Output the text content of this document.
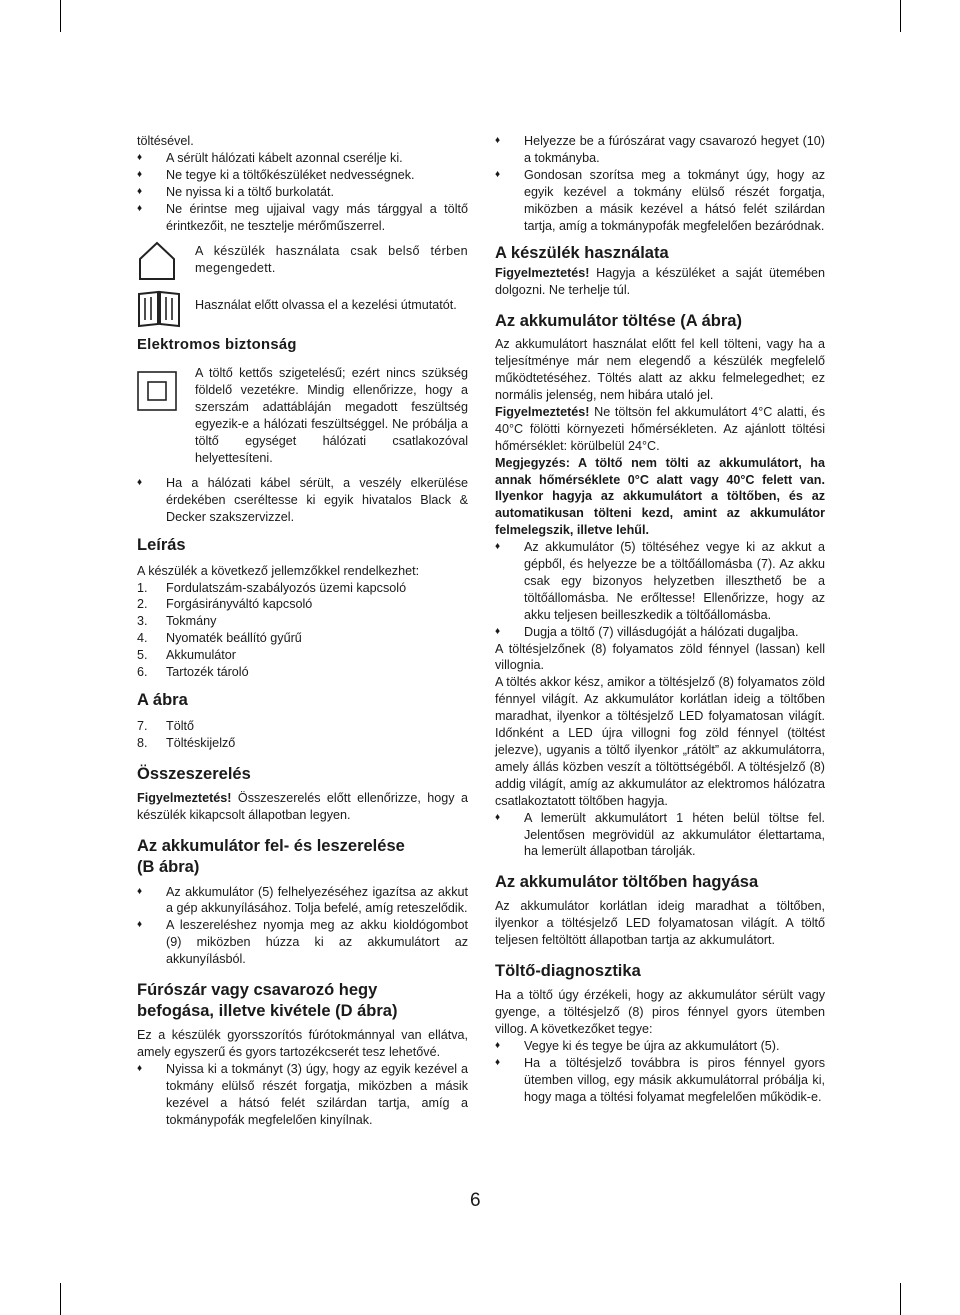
töltésével.

♦ A sérült hálózati kábelt azonnal cserélje ki.
♦ Ne tegye ki a töltőkészüléket nedvességnek.
♦ Ne nyissa ki a töltő burkolatát.
♦ Ne érintse meg ujjaival vagy más tárggyal a töltő érintkezőit, ne tesztelje mérőműszerrel.

A készülék használata csak belső térben megengedett.

Használat előtt olvassa el a kezelési útmutatót.

Elektromos biztonság

A töltő kettős szigetelésű; ezért nincs szükség földelő vezetékre. Mindig ellenőrizze, hogy a szerszám adattábláján megadott feszültség egyezik-e a hálózati feszültséggel. Ne próbálja a töltő egységet hálózati csatlakozóval helyettesíteni.

♦ Ha a hálózati kábel sérült, a veszély elkerülése érdekében cseréltesse ki egyik hivatalos Black & Decker szakszervizzel.
Leírás

A készülék a következő jellemzőkkel rendelkezhet:

1. Fordulatszám-szabályozós üzemi kapcsoló
2. Forgásirányváltó kapcsoló
3. Tokmány
4. Nyomaték beállító gyűrű
5. Akkumulátor
6. Tartozék tároló
A ábra
7. Töltő
8. Töltéskijelző
Összeszerelés

Figyelmeztetés! Összeszerelés előtt ellenőrizze, hogy a készülék kikapcsolt állapotban legyen.

Az akkumulátor fel- és leszerelése
(B ábra)
♦ Az akkumulátor (5) felhelyezéséhez igazítsa az akkut a gép akkunyílásához. Tolja befelé, amíg reteszelődik.
♦ A leszereléshez nyomja meg az akku kioldógombot (9) miközben húzza ki az akkumulátort az akkunyílásból.
Fúrószár vagy csavarozó hegy
befogása, illetve kivétele (D ábra)

Ez a készülék gyorsszorítós fúrótokmánnyal van ellátva, amely egyszerű és gyors tartozékcserét tesz lehetővé.

♦ Nyissa ki a tokmányt (3) úgy, hogy az egyik kezével a tokmány elülső részét forgatja, miközben a másik kezével a hátsó felét szilárdan tartja, amíg a tokmánypofák megfelelően kinyílnak.
♦ Helyezze be a fúrószárat vagy csavarozó hegyet (10) a tokmányba.
♦ Gondosan szorítsa meg a tokmányt úgy, hogy az egyik kezével a tokmány elülső részét forgatja, miközben a másik kezével a hátsó felét szilárdan tartja, amíg a tokmánypofák megfelelően bezáródnak.
A készülék használata

Figyelmeztetés! Hagyja a készüléket a saját ütemében dolgozni. Ne terhelje túl.

Az akkumulátor töltése (A ábra)

Az akkumulátort használat előtt fel kell tölteni, vagy ha a teljesítménye már nem elegendő a készülék megfelelő működtetéséhez. Töltés alatt az akku felmelegedhet; ez normális jelenség, nem hibára utaló jel.

Figyelmeztetés! Ne töltsön fel akkumulátort 4°C alatti, és 40°C fölötti környezeti hőmérsékleten. Az ajánlott töltési hőmérséklet: körülbelül 24°C.

Megjegyzés: A töltő nem tölti az akkumulátort, ha annak hőmérséklete 0°C alatt vagy 40°C felett van. Ilyenkor hagyja az akkumulátort a töltőben, és az automatikusan tölteni kezd, amint az akkumulátor felmelegszik, illetve lehűl.

♦ Az akkumulátor (5) töltéséhez vegye ki az akkut a gépből, és helyezze be a töltőállomásba (7). Az akku csak egy bizonyos helyzetben illeszthető be a töltőállomásba. Ne erőltesse! Ellenőrizze, hogy az akku teljesen beilleszkedik a töltőállomásba.
♦ Dugja a töltő (7) villásdugóját a hálózati dugaljba.

A töltésjelzőnek (8) folyamatos zöld fénnyel (lassan) kell villognia.

A töltés akkor kész, amikor a töltésjelző (8) folyamatos zöld fénnyel világít. Az akkumulátor korlátlan ideig a töltőben maradhat, ilyenkor a töltésjelző LED folyamatosan világít. Időnként a LED újra villogni fog zöld fénnyel (töltést jelezve), ugyanis a töltő ilyenkor „rátölt” az akkumulátorra, amely állás közben veszít a töltöttségéből. A töltésjelző (8) addig világít, amíg az akkumulátor az elektromos hálózatra csatlakoztatott töltőben hagyja.

♦ A lemerült akkumulátort 1 héten belül töltse fel. Jelentősen megrövidül az akkumulátor élettartama, ha lemerült állapotban tárolják.
Az akkumulátor töltőben hagyása

Az akkumulátor korlátlan ideig maradhat a töltőben, ilyenkor a töltésjelző LED folyamatosan világít. A töltő teljesen feltöltött állapotban tartja az akkumulátort.

Töltő-diagnosztika

Ha a töltő úgy érzékeli, hogy az akkumulátor sérült vagy gyenge, a töltésjelző (8) piros fénnyel gyors ütemben villog. A következőket tegye:

♦ Vegye ki és tegye be újra az akkumulátort (5).
♦ Ha a töltésjelző továbbra is piros fénnyel gyors ütemben villog, egy másik akkumulátorral próbálja ki, hogy maga a töltési folyamat megfelelően működik-e.
6
